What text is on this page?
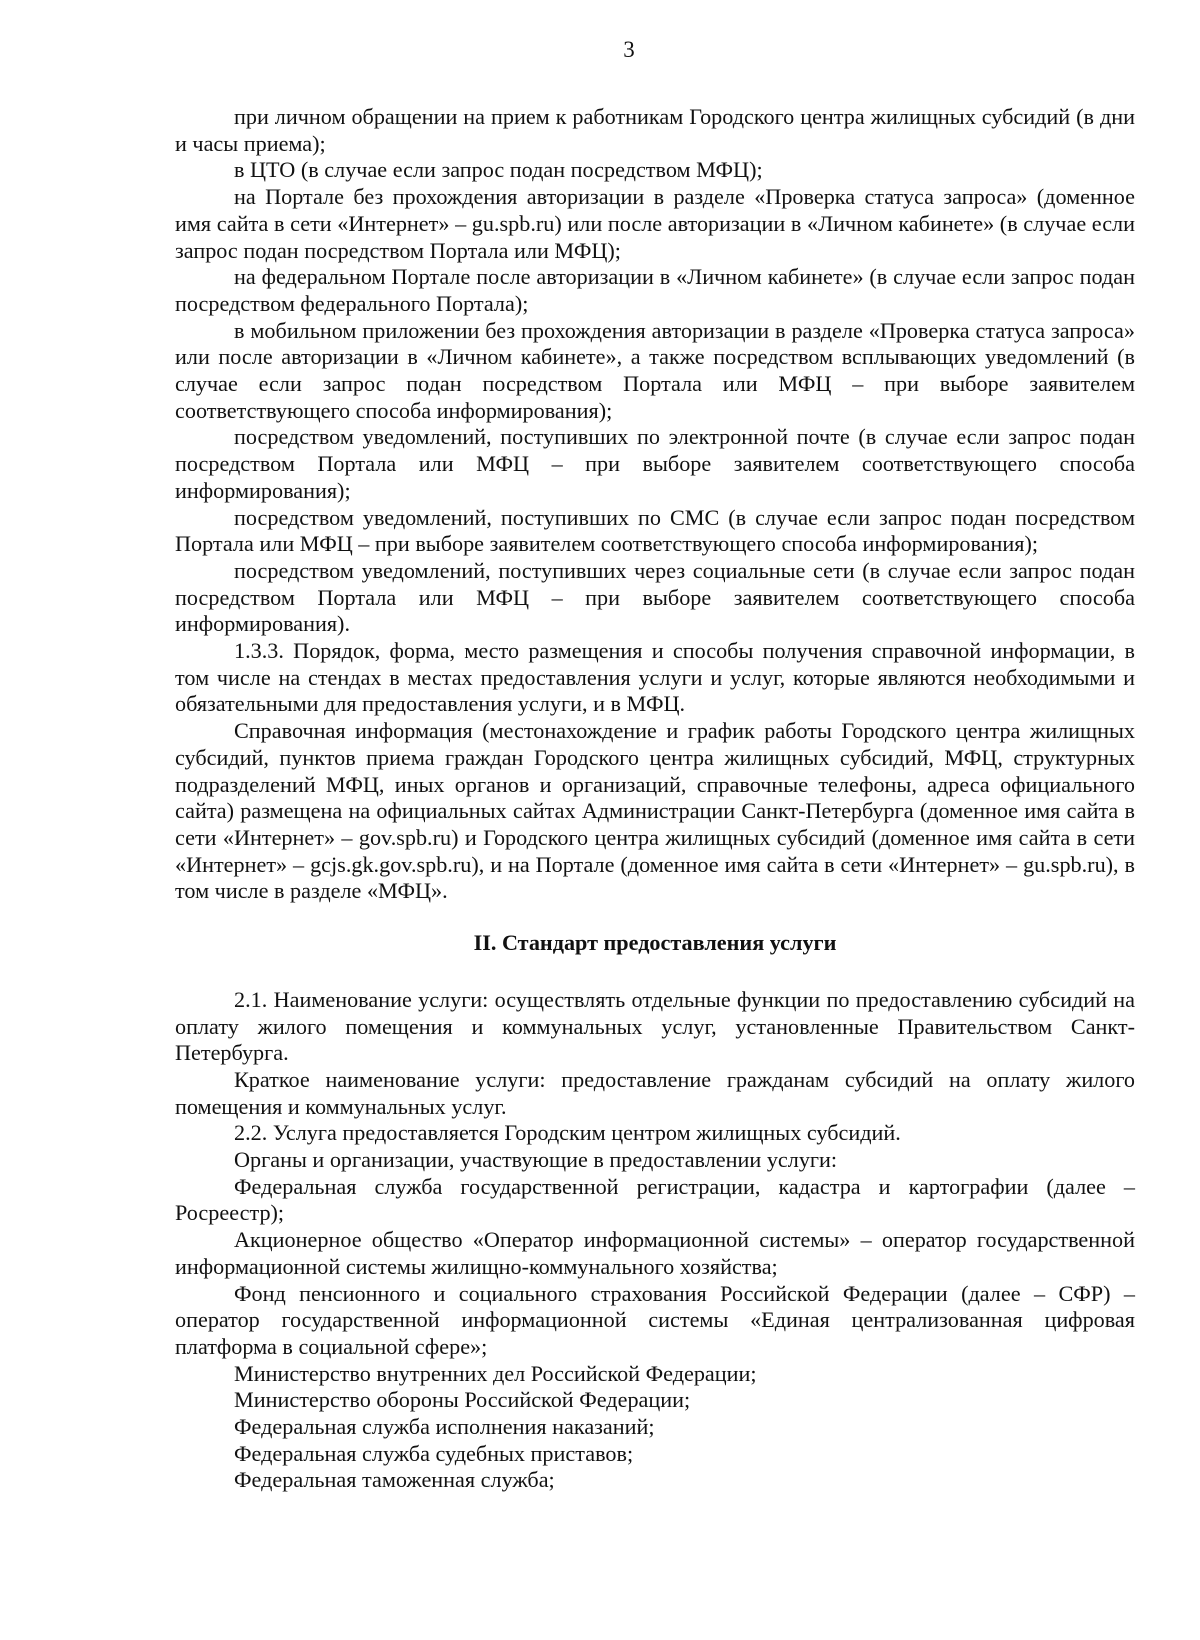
3

при личном обращении на прием к работникам Городского центра жилищных субсидий (в дни и часы приема);

в ЦТО (в случае если запрос подан посредством МФЦ);

на Портале без прохождения авторизации в разделе «Проверка статуса запроса» (доменное имя сайта в сети «Интернет» – gu.spb.ru) или после авторизации в «Личном кабинете» (в случае если запрос подан посредством Портала или МФЦ);

на федеральном Портале после авторизации в «Личном кабинете» (в случае если запрос подан посредством федерального Портала);

в мобильном приложении без прохождения авторизации в разделе «Проверка статуса запроса» или после авторизации в «Личном кабинете», а также посредством всплывающих уведомлений (в случае если запрос подан посредством Портала или МФЦ – при выборе заявителем соответствующего способа информирования);

посредством уведомлений, поступивших по электронной почте (в случае если запрос подан посредством Портала или МФЦ – при выборе заявителем соответствующего способа информирования);

посредством уведомлений, поступивших по СМС (в случае если запрос подан посредством Портала или МФЦ – при выборе заявителем соответствующего способа информирования);

посредством уведомлений, поступивших через социальные сети (в случае если запрос подан посредством Портала или МФЦ – при выборе заявителем соответствующего способа информирования).

1.3.3. Порядок, форма, место размещения и способы получения справочной информации, в том числе на стендах в местах предоставления услуги и услуг, которые являются необходимыми и обязательными для предоставления услуги, и в МФЦ.

Справочная информация (местонахождение и график работы Городского центра жилищных субсидий, пунктов приема граждан Городского центра жилищных субсидий, МФЦ, структурных подразделений МФЦ, иных органов и организаций, справочные телефоны, адреса официального сайта) размещена на официальных сайтах Администрации Санкт-Петербурга (доменное имя сайта в сети «Интернет» – gov.spb.ru) и Городского центра жилищных субсидий (доменное имя сайта в сети «Интернет» – gcjs.gk.gov.spb.ru), и на Портале (доменное имя сайта в сети «Интернет» – gu.spb.ru), в том числе в разделе «МФЦ».

II. Стандарт предоставления услуги

2.1. Наименование услуги: осуществлять отдельные функции по предоставлению субсидий на оплату жилого помещения и коммунальных услуг, установленные Правительством Санкт-Петербурга.

Краткое наименование услуги: предоставление гражданам субсидий на оплату жилого помещения и коммунальных услуг.

2.2. Услуга предоставляется Городским центром жилищных субсидий.

Органы и организации, участвующие в предоставлении услуги:

Федеральная служба государственной регистрации, кадастра и картографии (далее – Росреестр);

Акционерное общество «Оператор информационной системы» – оператор государственной информационной системы жилищно-коммунального хозяйства;

Фонд пенсионного и социального страхования Российской Федерации (далее – СФР) – оператор государственной информационной системы «Единая централизованная цифровая платформа в социальной сфере»;

Министерство внутренних дел Российской Федерации;

Министерство обороны Российской Федерации;

Федеральная служба исполнения наказаний;

Федеральная служба судебных приставов;

Федеральная таможенная служба;
